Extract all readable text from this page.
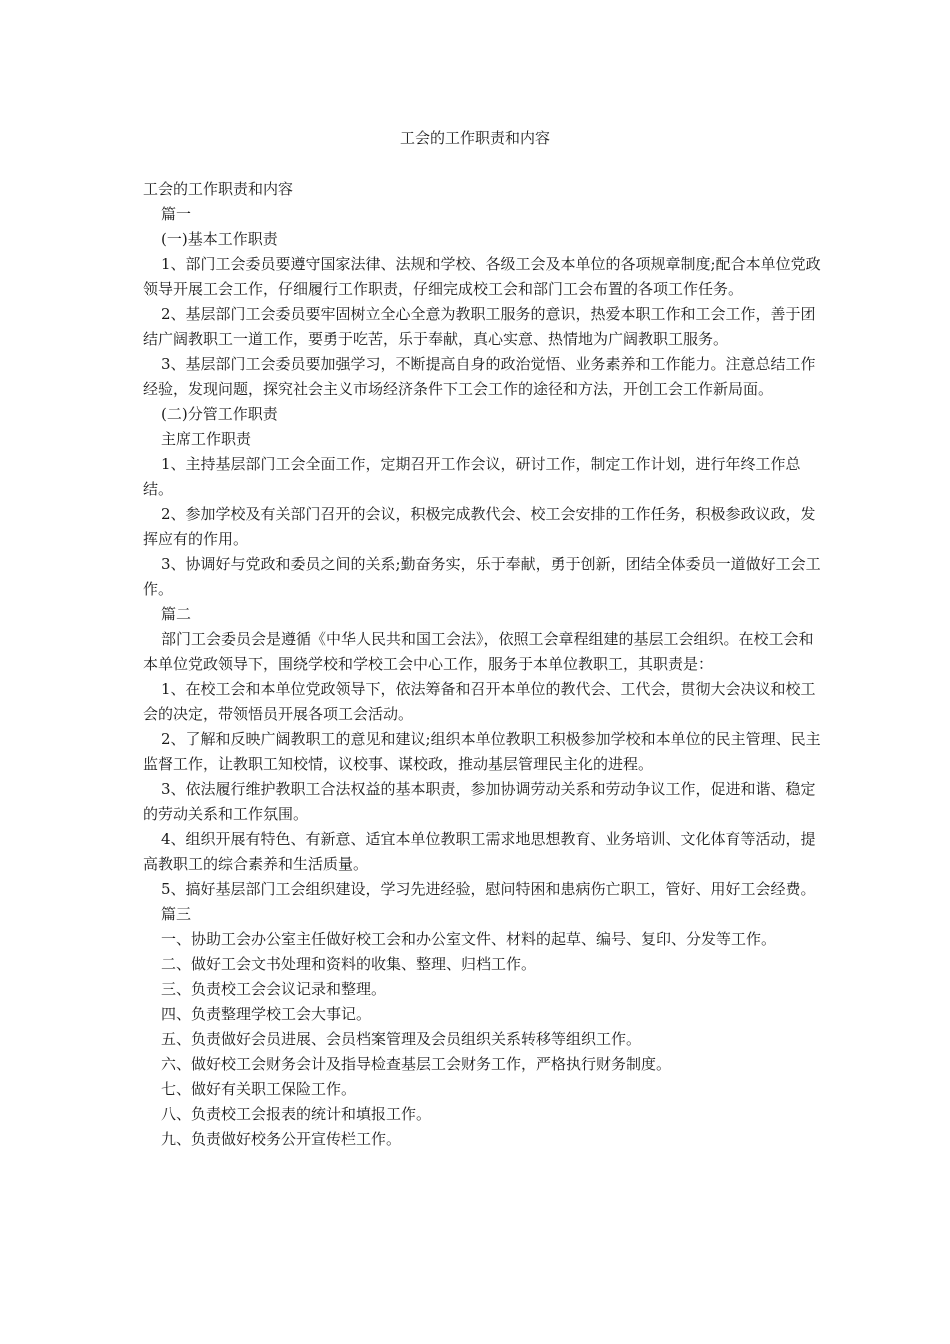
工会的工作职责和内容

工会的工作职责和内容

篇一

(一)基本工作职责

1、部门工会委员要遵守国家法律、法规和学校、各级工会及本单位的各项规章制度;配合本单位党政领导开展工会工作，仔细履行工作职责，仔细完成校工会和部门工会布置的各项工作任务。

2、基层部门工会委员要牢固树立全心全意为教职工服务的意识，热爱本职工作和工会工作，善于团结广阔教职工一道工作，要勇于吃苦，乐于奉献，真心实意、热情地为广阔教职工服务。

3、基层部门工会委员要加强学习，不断提高自身的政治觉悟、业务素养和工作能力。注意总结工作经验，发现问题，探究社会主义市场经济条件下工会工作的途径和方法，开创工会工作新局面。

(二)分管工作职责

主席工作职责

1、主持基层部门工会全面工作，定期召开工作会议，研讨工作，制定工作计划，进行年终工作总结。

2、参加学校及有关部门召开的会议，积极完成教代会、校工会安排的工作任务，积极参政议政，发挥应有的作用。

3、协调好与党政和委员之间的关系;勤奋务实，乐于奉献，勇于创新，团结全体委员一道做好工会工作。

篇二

部门工会委员会是遵循《中华人民共和国工会法》，依照工会章程组建的基层工会组织。在校工会和本单位党政领导下，围绕学校和学校工会中心工作，服务于本单位教职工，其职责是：

1、在校工会和本单位党政领导下，依法筹备和召开本单位的教代会、工代会，贯彻大会决议和校工会的决定，带领悟员开展各项工会活动。

2、了解和反映广阔教职工的意见和建议;组织本单位教职工积极参加学校和本单位的民主管理、民主监督工作，让教职工知校情，议校事、谋校政，推动基层管理民主化的进程。

3、依法履行维护教职工合法权益的基本职责，参加协调劳动关系和劳动争议工作，促进和谐、稳定的劳动关系和工作氛围。

4、组织开展有特色、有新意、适宜本单位教职工需求地思想教育、业务培训、文化体育等活动，提高教职工的综合素养和生活质量。

5、搞好基层部门工会组织建设，学习先进经验，慰问特困和患病伤亡职工，管好、用好工会经费。

篇三

一、协助工会办公室主任做好校工会和办公室文件、材料的起草、编号、复印、分发等工作。

二、做好工会文书处理和资料的收集、整理、归档工作。

三、负责校工会会议记录和整理。

四、负责整理学校工会大事记。

五、负责做好会员进展、会员档案管理及会员组织关系转移等组织工作。

六、做好校工会财务会计及指导检查基层工会财务工作，严格执行财务制度。

七、做好有关职工保险工作。

八、负责校工会报表的统计和填报工作。

九、负责做好校务公开宣传栏工作。
